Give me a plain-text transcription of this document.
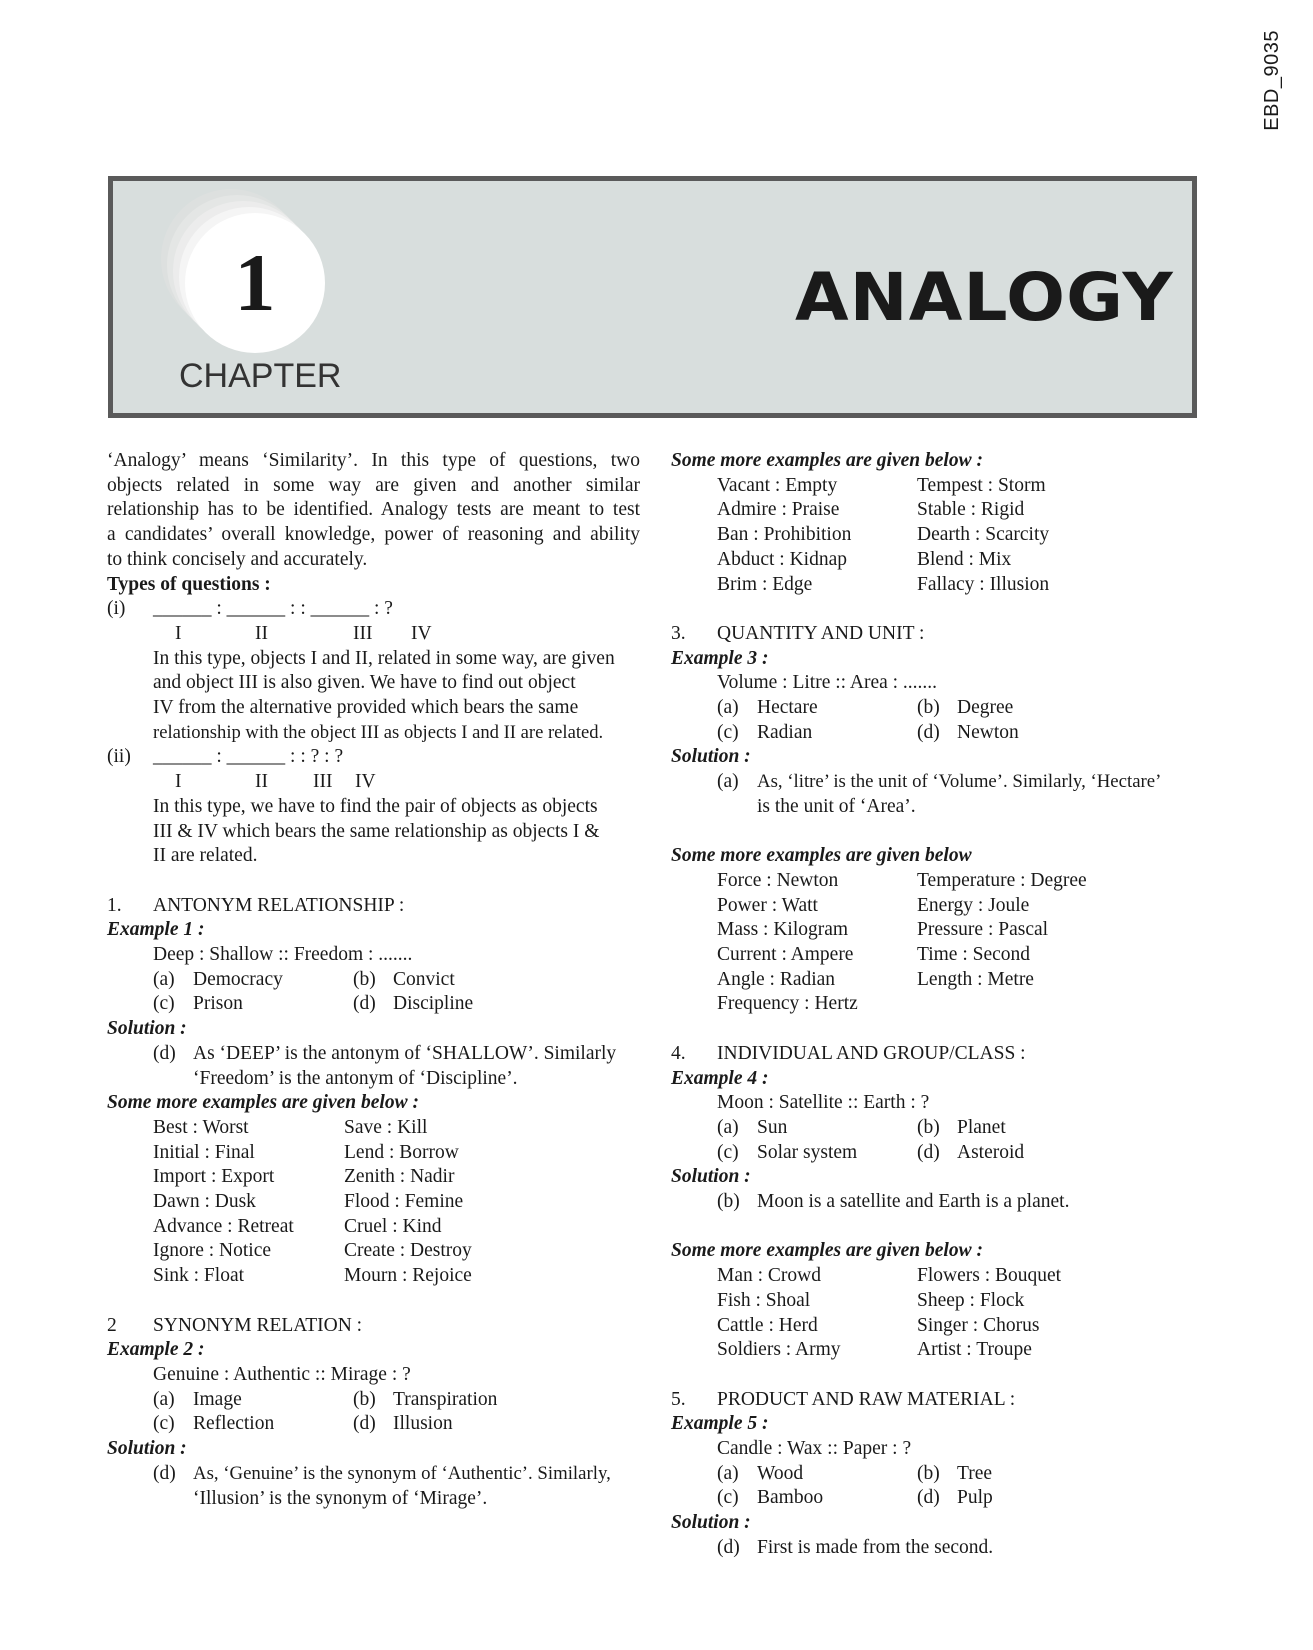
EBD_9035
1
CHAPTER
ANALOGY
‘Analogy’ means ‘Similarity’. In this type of questions, two
objects related in some way are given and another similar
relationship has to be identified. Analogy tests are meant to test
a candidates’ overall knowledge, power of reasoning and ability
to think concisely and accurately.
Types of questions :
(i)	______ : ______ : : ______ : ?
I	II	III	IV
In this type, objects I and II, related in some way, are given
and object III is also given. We have to find out object
IV from the alternative provided which bears the same
relationship with the object III as objects I and II are related.
(ii)	______ : ______ : : ? : ?
I	II	III	IV
In this type, we have to find the pair of objects as objects
III & IV which bears the same relationship as objects I &
II are related.
1.	ANTONYM RELATIONSHIP :
Example 1 :
Deep : Shallow :: Freedom : .......
(a) Democracy	(b) Convict
(c) Prison	(d) Discipline
Solution :
(d) As ‘DEEP’ is the antonym of ‘SHALLOW’. Similarly
‘Freedom’ is the antonym of ‘Discipline’.
Some more examples are given below :
Best : Worst	Save : Kill
Initial : Final	Lend : Borrow
Import : Export	Zenith : Nadir
Dawn : Dusk	Flood : Femine
Advance : Retreat	Cruel : Kind
Ignore : Notice	Create : Destroy
Sink : Float	Mourn : Rejoice
2	SYNONYM RELATION :
Example 2 :
Genuine : Authentic :: Mirage : ?
(a) Image	(b) Transpiration
(c) Reflection	(d) Illusion
Solution :
(d) As, ‘Genuine’ is the synonym of ‘Authentic’. Similarly,
‘Illusion’ is the synonym of ‘Mirage’.
Some more examples are given below :
Vacant : Empty	Tempest : Storm
Admire : Praise	Stable : Rigid
Ban : Prohibition	Dearth : Scarcity
Abduct : Kidnap	Blend : Mix
Brim : Edge	Fallacy : Illusion
3.	QUANTITY AND UNIT :
Example 3 :
Volume : Litre :: Area : .......
(a) Hectare	(b) Degree
(c) Radian	(d) Newton
Solution :
(a) As, ‘litre’ is the unit of ‘Volume’. Similarly, ‘Hectare’
is the unit of ‘Area’.
Some more examples are given below
Force : Newton	Temperature : Degree
Power : Watt	Energy : Joule
Mass : Kilogram	Pressure : Pascal
Current : Ampere	Time : Second
Angle : Radian	Length : Metre
Frequency : Hertz
4.	INDIVIDUAL AND GROUP/CLASS :
Example 4 :
Moon : Satellite :: Earth : ?
(a) Sun	(b) Planet
(c) Solar system	(d) Asteroid
Solution :
(b) Moon is a satellite and Earth is a planet.
Some more examples are given below :
Man : Crowd	Flowers : Bouquet
Fish : Shoal	Sheep : Flock
Cattle : Herd	Singer : Chorus
Soldiers : Army	Artist : Troupe
5.	PRODUCT AND RAW MATERIAL :
Example 5 :
Candle : Wax :: Paper : ?
(a) Wood	(b) Tree
(c) Bamboo	(d) Pulp
Solution :
(d) First is made from the second.
